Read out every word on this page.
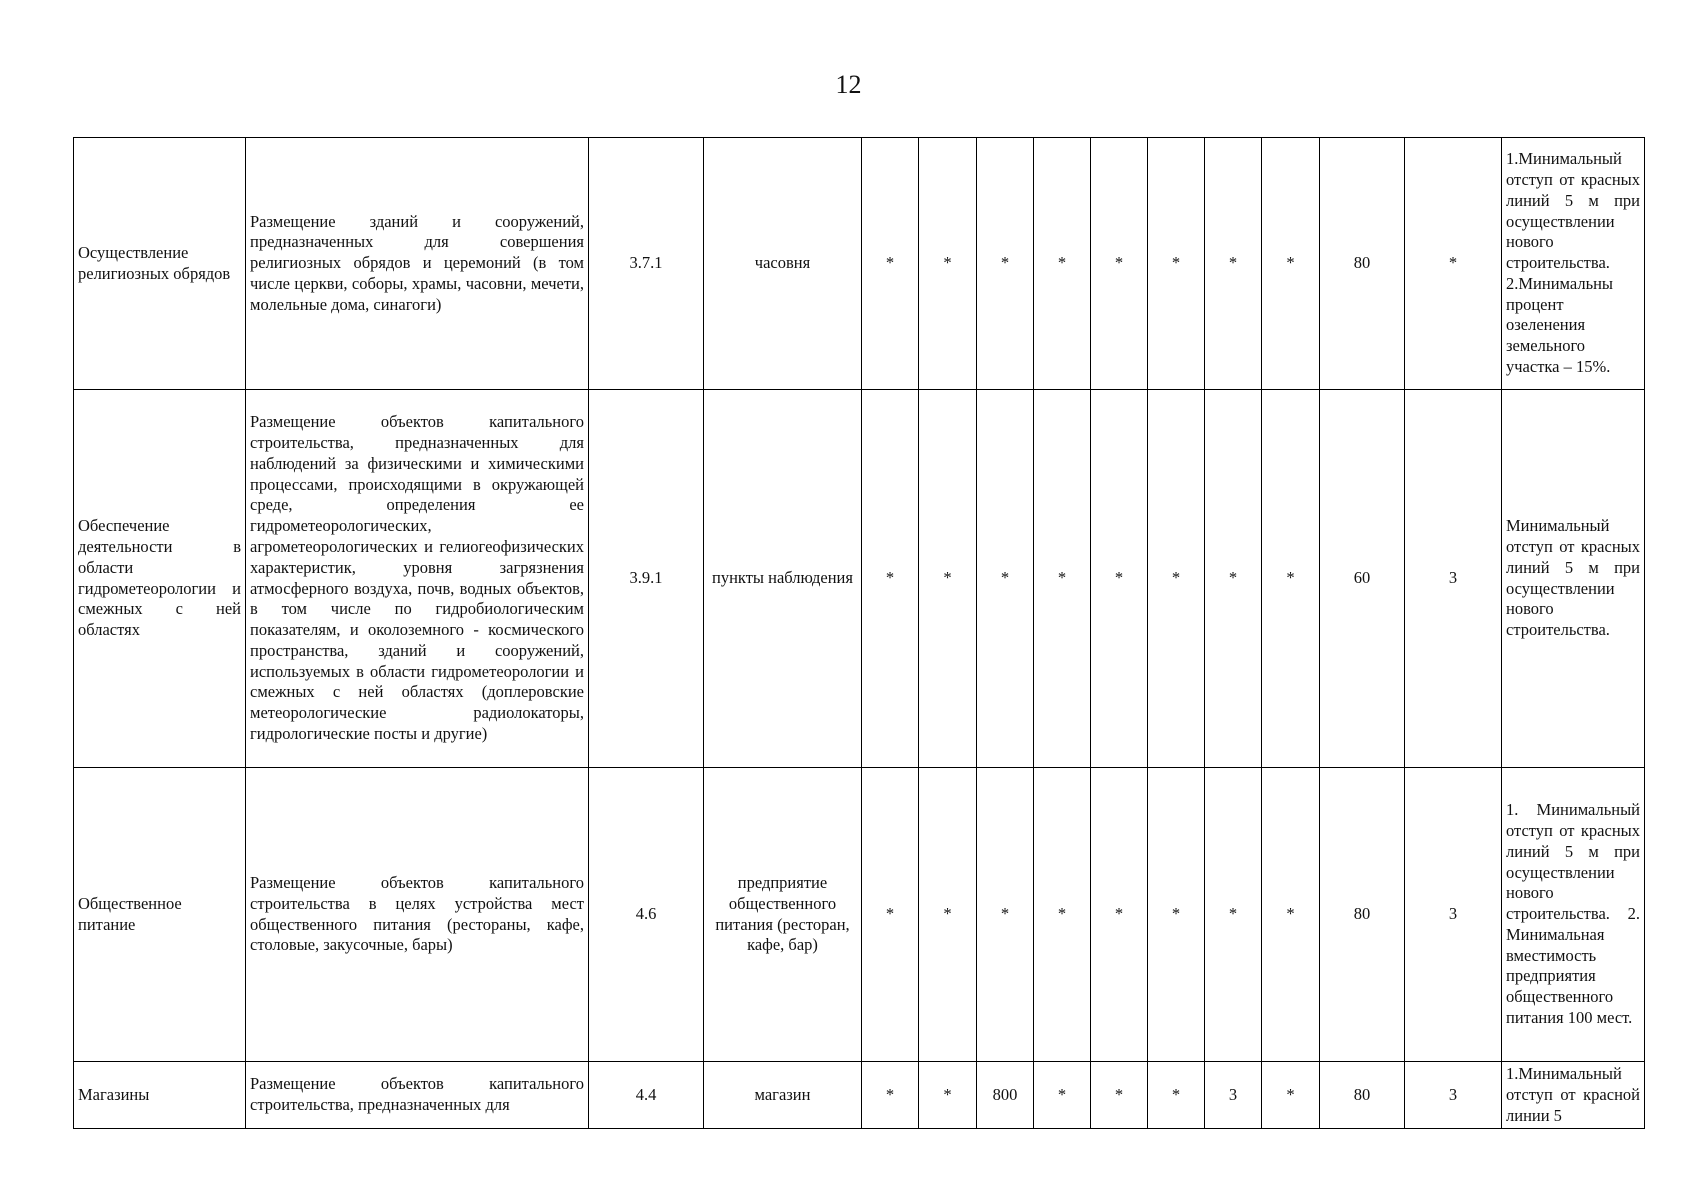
12
Осуществление религиозных обрядов	Размещение зданий и сооружений, предназначенных для совершения религиозных обрядов и церемоний (в том числе церкви, соборы, храмы, часовни, мечети, молельные дома, синагоги)	3.7.1	часовня	*	*	*	*	*	*	*	*	80	*	1.Минимальный отступ от красных линий 5 м при осуществлении нового строительства. 2.Минимальны процент озеленения земельного участка – 15%.
Обеспечение деятельности в области гидрометеорологии и смежных с ней областях	Размещение объектов капитального строительства, предназначенных для наблюдений за физическими и химическими процессами, происходящими в окружающей среде, определения ее гидрометеорологических, агрометеорологических и гелиогеофизических характеристик, уровня загрязнения атмосферного воздуха, почв, водных объектов, в том числе по гидробиологическим показателям, и околоземного - космического пространства, зданий и сооружений, используемых в области гидрометеорологии и смежных с ней областях (доплеровские метеорологические радиолокаторы, гидрологические посты и другие)	3.9.1	пункты наблюдения	*	*	*	*	*	*	*	*	60	3	Минимальный отступ от красных линий 5 м при осуществлении нового строительства.
Общественное питание	Размещение объектов капитального строительства в целях устройства мест общественного питания (рестораны, кафе, столовые, закусочные, бары)	4.6	предприятие общественного питания (ресторан, кафе, бар)	*	*	*	*	*	*	*	*	80	3	1. Минимальный отступ от красных линий 5 м при осуществлении нового строительства. 2. Минимальная вместимость предприятия общественного питания 100 мест.
Магазины	Размещение объектов капитального строительства, предназначенных для	4.4	магазин	*	*	800	*	*	*	3	*	80	3	1.Минимальный отступ от красной линии 5
